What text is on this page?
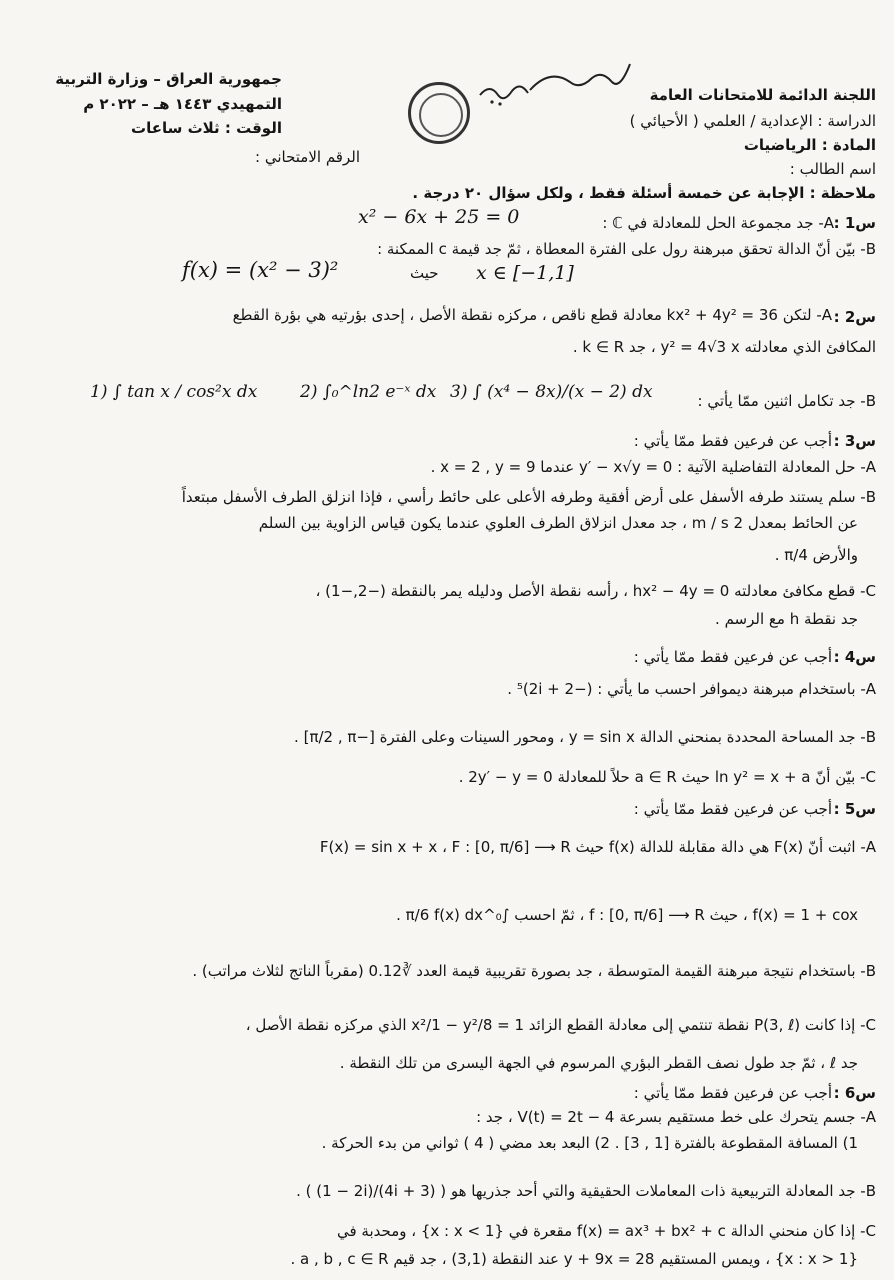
اللجنة الدائمة للامتحانات العامة
الدراسة : الإعدادية / العلمي ( الأحيائي )
المادة : الرياضيات
اسم الطالب :
جمهورية العراق – وزارة التربية
التمهيدي ١٤٤٣ هـ – ٢٠٢٢ م
الوقت : ثلاث ساعات
الرقم الامتحاني :
ملاحظة : الإجابة عن خمسة أسئلة فقط ، ولكل سؤال ٢٠ درجة .
س1 :
A- جد مجموعة الحل للمعادلة في ℂ :
x² − 6x + 25 = 0
B- بيّن أنّ الدالة تحقق مبرهنة رول على الفترة المعطاة ، ثمّ جد قيمة c الممكنة :
f(x) = (x² − 3)²	حيث x ∈ [−1,1]
س2 :
A- لتكن kx² + 4y² = 36 معادلة قطع ناقص ، مركزه نقطة الأصل ، إحدى بؤرتيه هي بؤرة القطع
المكافئ الذي معادلته y² = 4√3 x ، جد k ∈ R .
B- جد تكامل اثنين ممّا يأتي :
1) ∫ tan x / cos²x dx	2) ∫₀^ln2 e⁻ˣ dx 3) ∫ (x⁴ − 8x)/(x − 2) dx
س3 :
أجب عن فرعين فقط ممّا يأتي :
A- حل المعادلة التفاضلية الآتية : y′ − x√y = 0 عندما x = 2 , y = 9 .
B- سلم يستند طرفه الأسفل على أرض أفقية وطرفه الأعلى على حائط رأسي ، فإذا انزلق الطرف الأسفل مبتعداً
عن الحائط بمعدل 2 m / s ، جد معدل انزلاق الطرف العلوي عندما يكون قياس الزاوية بين السلم
والأرض π/4 .
C- قطع مكافئ معادلته hx² − 4y = 0 ، رأسه نقطة الأصل ودليله يمر بالنقطة (−2,−1) ،
جد نقطة h مع الرسم .
س4 :
أجب عن فرعين فقط ممّا يأتي :
A- باستخدام مبرهنة ديموافر احسب ما يأتي : (−2 + 2i)⁵ .
B- جد المساحة المحددة بمنحني الدالة y = sin x ، ومحور السينات وعلى الفترة [−π/2 , π] .
C- بيّن أنّ ln y² = x + a حيث a ∈ R حلاً للمعادلة 2y′ − y = 0 .
س5 :
أجب عن فرعين فقط ممّا يأتي :
A- اثبت أنّ F(x) هي دالة مقابلة للدالة f(x) حيث F(x) = sin x + x ، F : [0, π/6] ⟶ R
f(x) = 1 + cox ، حيث f : [0, π/6] ⟶ R ، ثمّ احسب ∫₀^π/6 f(x) dx .
B- باستخدام نتيجة مبرهنة القيمة المتوسطة ، جد بصورة تقريبية قيمة العدد ∛0.12 (مقرباً الناتج لثلاث مراتب) .
C- إذا كانت P(3, ℓ) نقطة تنتمي إلى معادلة القطع الزائد x²/1 − y²/8 = 1 الذي مركزه نقطة الأصل ،
جد ℓ ، ثمّ جد طول نصف القطر البؤري المرسوم في الجهة اليسرى من تلك النقطة .
س6 :
أجب عن فرعين فقط ممّا يأتي :
A- جسم يتحرك على خط مستقيم بسرعة V(t) = 2t − 4 ، جد :
1) المسافة المقطوعة بالفترة [1 , 3] . 2) البعد بعد مضي ( 4 ) ثواني من بدء الحركة .
B- جد المعادلة التربيعية ذات المعاملات الحقيقية والتي أحد جذريها هو ( (3 + 4i)/(1 − 2i) ) .
C- إذا كان منحني الدالة f(x) = ax³ + bx² + c مقعرة في {x : x < 1} ، ومحدبة في
{x : x > 1} ، ويمس المستقيم y + 9x = 28 عند النقطة (3,1) ، جد قيم a , b , c ∈ R .
